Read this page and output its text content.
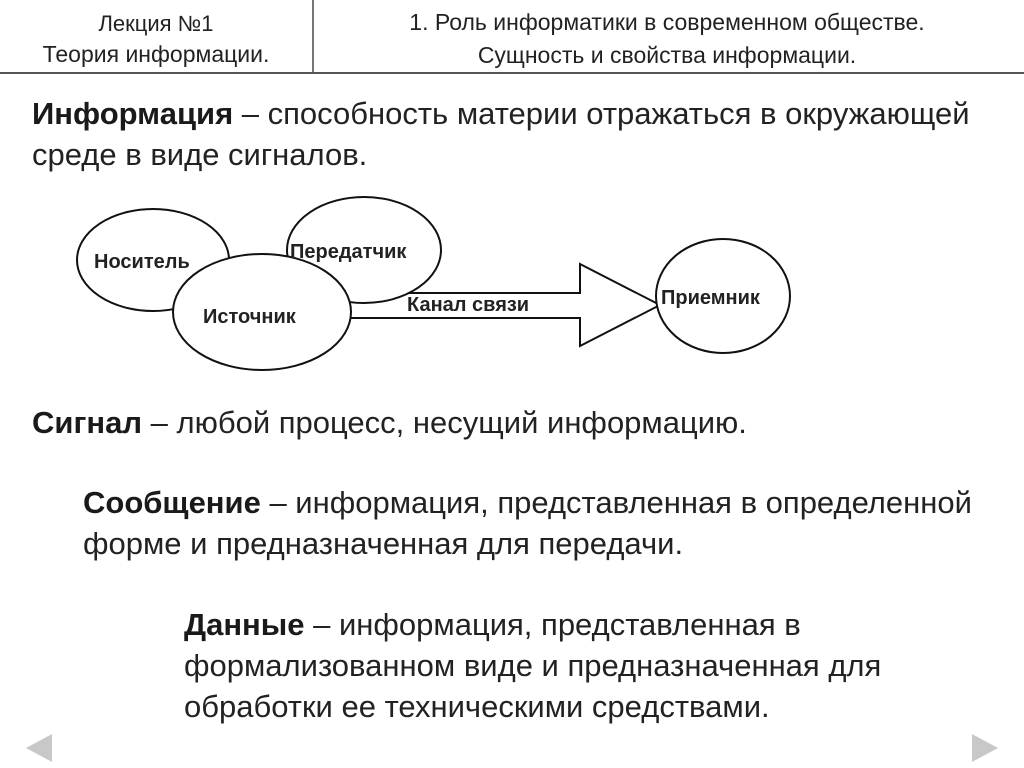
Лекция №1
Теория информации.
1. Роль информатики в современном обществе.
Сущность и свойства информации.
Информация – способность материи отражаться в окружающей среде в виде сигналов.
Носитель	Передатчик
Источник
Канал связи	Приемник
Сигнал – любой процесс, несущий информацию.
Сообщение – информация, представленная в определенной форме и предназначенная для передачи.
Данные – информация, представленная в формализованном виде и предназначенная для обработки ее техническими средствами.
